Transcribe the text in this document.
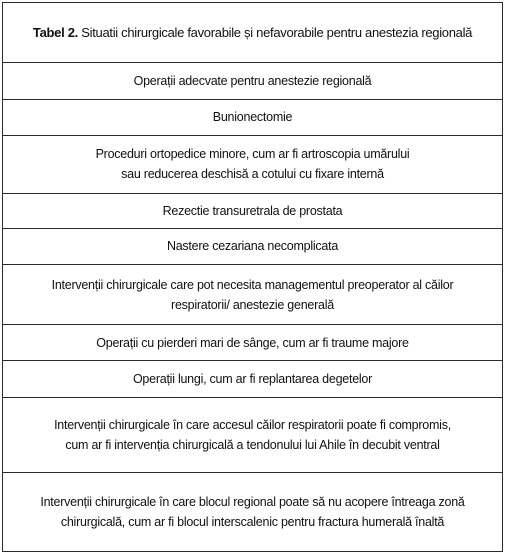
Tabel 2. Situatii chirurgicale favorabile și nefavorabile pentru anestezia regională

Operații adecvate pentru anestezie regională

Bunionectomie

Proceduri ortopedice minore, cum ar fi artroscopia umărului
sau reducerea deschisă a cotului cu fixare internă

Rezectie transuretrala de prostata

Nastere cezariana necomplicata

Intervenții chirurgicale care pot necesita managementul preoperator al căilor
respiratorii/ anestezie generală

Operații cu pierderi mari de sânge, cum ar fi traume majore

Operații lungi, cum ar fi replantarea degetelor

Intervenții chirurgicale în care accesul căilor respiratorii poate fi compromis,
cum ar fi intervenția chirurgicală a tendonului lui Ahile în decubit ventral

Intervenții chirurgicale în care blocul regional poate să nu acopere întreaga zonă
chirurgicală, cum ar fi blocul interscalenic pentru fractura humerală înaltă
